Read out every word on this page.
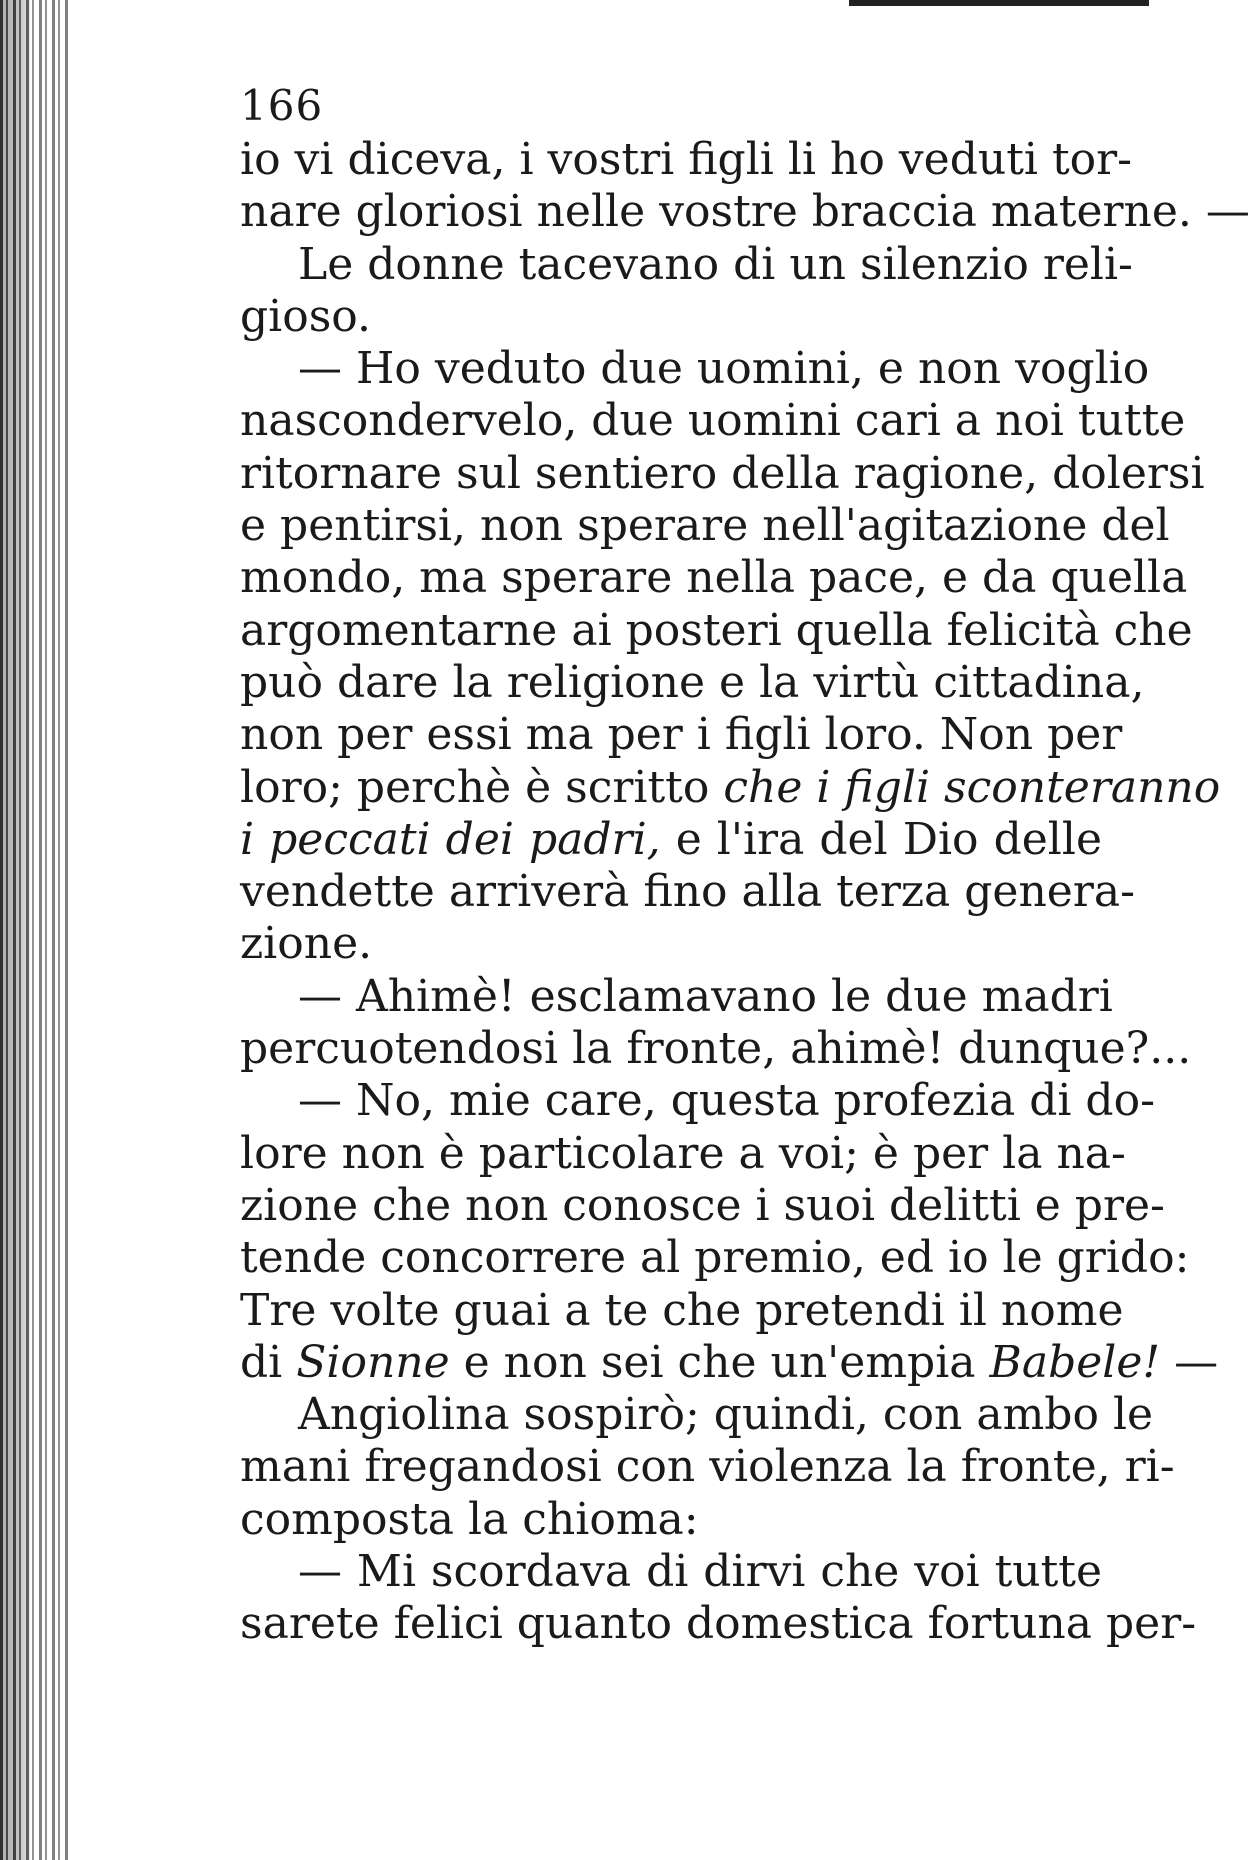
166
io vi diceva, i vostri figli li ho veduti tor-
nare gloriosi nelle vostre braccia materne. —
Le donne tacevano di un silenzio reli-
gioso.
— Ho veduto due uomini, e non voglio
nascondervelo, due uomini cari a noi tutte
ritornare sul sentiero della ragione, dolersi
e pentirsi, non sperare nell'agitazione del
mondo, ma sperare nella pace, e da quella
argomentarne ai posteri quella felicità che
può dare la religione e la virtù cittadina,
non per essi ma per i figli loro. Non per
loro; perchè è scritto che i figli sconteranno
i peccati dei padri, e l'ira del Dio delle
vendette arriverà fino alla terza genera-
zione.
— Ahimè! esclamavano le due madri
percuotendosi la fronte, ahimè! dunque?...
— No, mie care, questa profezia di do-
lore non è particolare a voi; è per la na-
zione che non conosce i suoi delitti e pre-
tende concorrere al premio, ed io le grido:
Tre volte guai a te che pretendi il nome
di Sionne e non sei che un'empia Babele! —
Angiolina sospirò; quindi, con ambo le
mani fregandosi con violenza la fronte, ri-
composta la chioma:
— Mi scordava di dirvi che voi tutte
sarete felici quanto domestica fortuna per-
